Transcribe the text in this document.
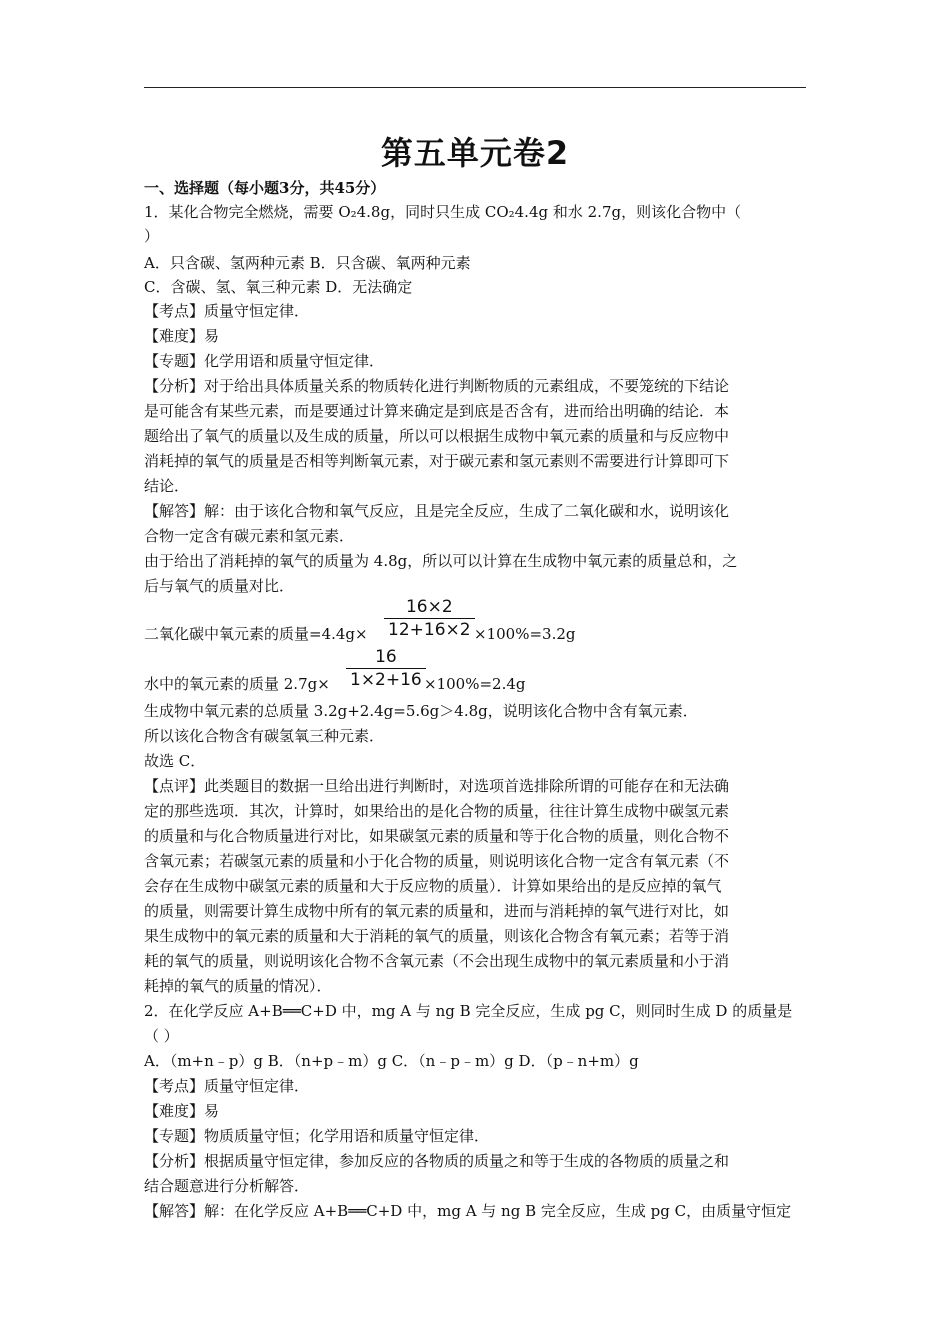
第五单元卷2
一、选择题（每小题3分，共45分）
1．某化合物完全燃烧，需要 O₂4.8g，同时只生成 CO₂4.4g 和水 2.7g，则该化合物中（
）
A．只含碳、氢两种元素 B．只含碳、氧两种元素
C．含碳、氢、氧三种元素 D．无法确定
【考点】质量守恒定律．
【难度】易
【专题】化学用语和质量守恒定律．
【分析】对于给出具体质量关系的物质转化进行判断物质的元素组成，不要笼统的下结论
是可能含有某些元素，而是要通过计算来确定是到底是否含有，进而给出明确的结论．本
题给出了氧气的质量以及生成的质量，所以可以根据生成物中氧元素的质量和与反应物中
消耗掉的氧气的质量是否相等判断氧元素，对于碳元素和氢元素则不需要进行计算即可下
结论．
【解答】解：由于该化合物和氧气反应，且是完全反应，生成了二氧化碳和水，说明该化
合物一定含有碳元素和氢元素．
由于给出了消耗掉的氧气的质量为 4.8g，所以可以计算在生成物中氧元素的质量总和，之
后与氧气的质量对比．
二氧化碳中氧元素的质量$=4.4g\times \frac{16\times 2}{12+16\times 2} \times 100\%=3.2g$
水中的氧元素的质量 $2.7g\times \frac{16}{1\times 2+16}$
×100%=2.4g
生成物中氧元素的总质量 3.2g+2.4g=5.6g＞4.8g，说明该化合物中含有氧元素．
所以该化合物含有碳氢氧三种元素．
故选 C．
【点评】此类题目的数据一旦给出进行判断时，对选项首选排除所谓的可能存在和无法确
定的那些选项．其次，计算时，如果给出的是化合物的质量，往往计算生成物中碳氢元素
的质量和与化合物质量进行对比，如果碳氢元素的质量和等于化合物的质量，则化合物不
含氧元素；若碳氢元素的质量和小于化合物的质量，则说明该化合物一定含有氧元素（不
会存在生成物中碳氢元素的质量和大于反应物的质量）．计算如果给出的是反应掉的氧气
的质量，则需要计算生成物中所有的氧元素的质量和，进而与消耗掉的氧气进行对比，如
果生成物中的氧元素的质量和大于消耗的氧气的质量，则该化合物含有氧元素；若等于消
耗的氧气的质量，则说明该化合物不含氧元素（不会出现生成物中的氧元素质量和小于消
耗掉的氧气的质量的情况）．
2．在化学反应 A+B══C+D 中，mg A 与 ng B 完全反应，生成 pg C，则同时生成 D 的质量是
（ ）
A．（m+n﹣p）g B．（n+p﹣m）g C．（n﹣p﹣m）g D．（p﹣n+m）g
【考点】质量守恒定律．
【难度】易
【专题】物质质量守恒；化学用语和质量守恒定律．
【分析】根据质量守恒定律，参加反应的各物质的质量之和等于生成的各物质的质量之和
结合题意进行分析解答．
【解答】解：在化学反应 A+B══C+D 中，mg A 与 ng B 完全反应，生成 pg C，由质量守恒定
